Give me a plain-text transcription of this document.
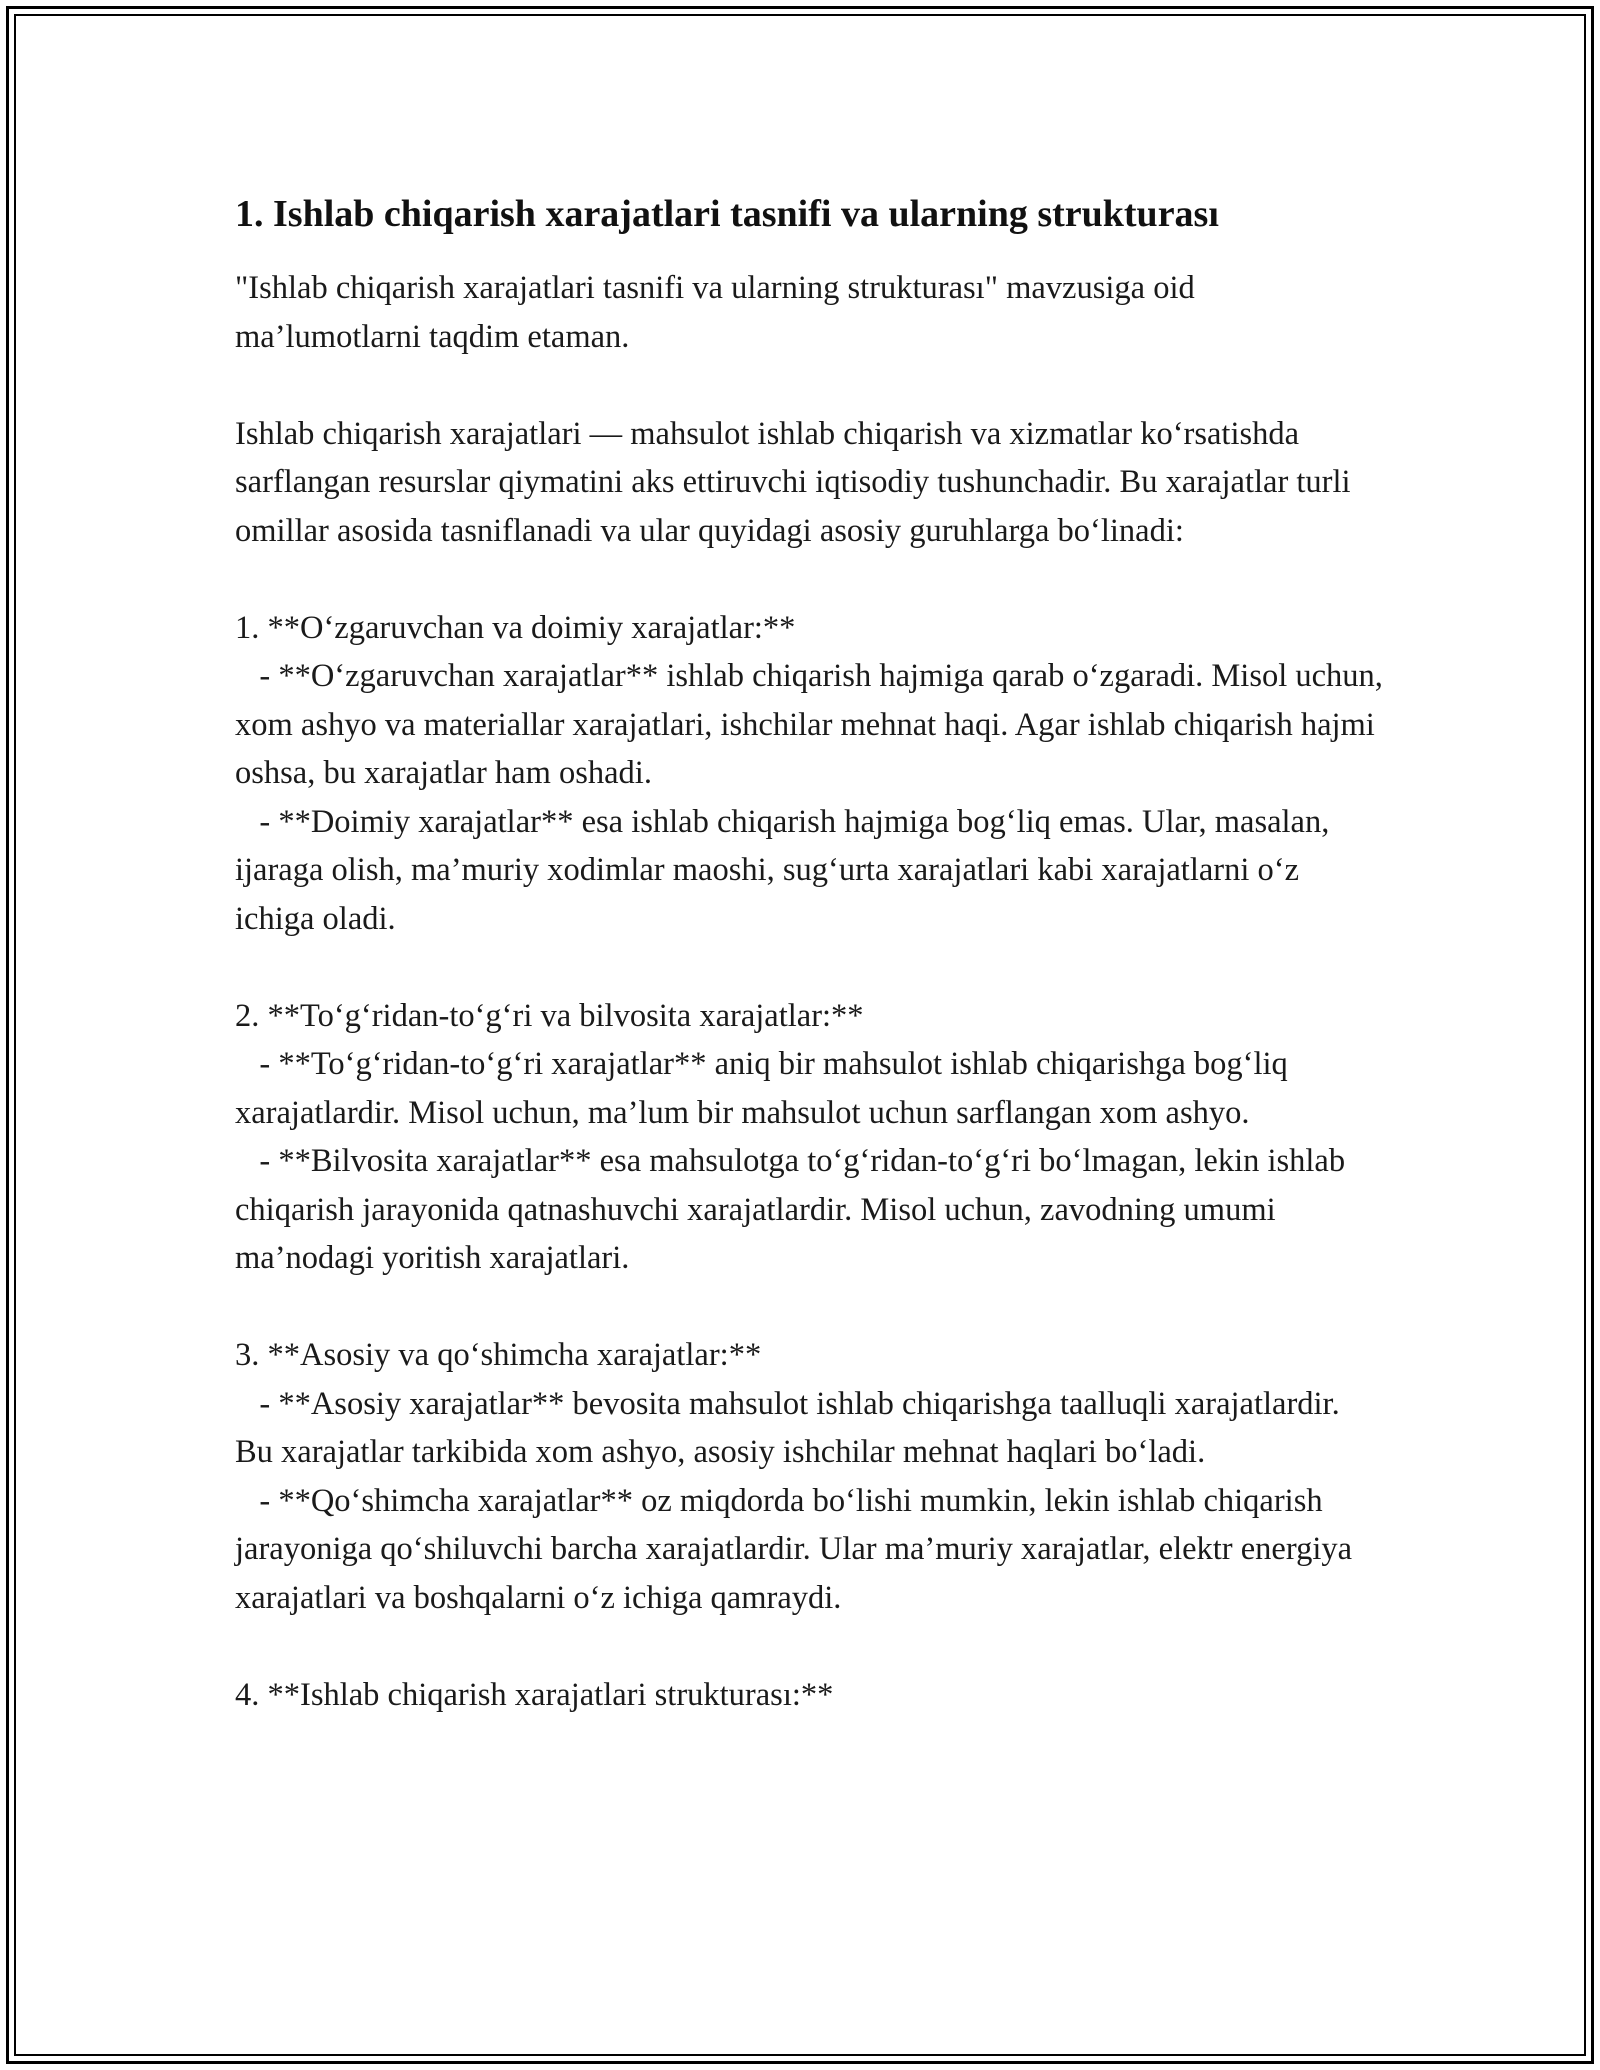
1. Ishlab chiqarish xarajatlari tasnifi va ularning strukturası

"Ishlab chiqarish xarajatlari tasnifi va ularning strukturası" mavzusiga oid ma’lumotlarni taqdim etaman.

Ishlab chiqarish xarajatlari — mahsulot ishlab chiqarish va xizmatlar ko‘rsatishda sarflangan resurslar qiymatini aks ettiruvchi iqtisodiy tushunchadir. Bu xarajatlar turli omillar asosida tasniflanadi va ular quyidagi asosiy guruhlarga bo‘linadi:

1. **O‘zgaruvchan va doimiy xarajatlar:**

- **O‘zgaruvchan xarajatlar** ishlab chiqarish hajmiga qarab o‘zgaradi. Misol uchun, xom ashyo va materiallar xarajatlari, ishchilar mehnat haqi. Agar ishlab chiqarish hajmi oshsa, bu xarajatlar ham oshadi.

- **Doimiy xarajatlar** esa ishlab chiqarish hajmiga bog‘liq emas. Ular, masalan, ijaraga olish, ma’muriy xodimlar maoshi, sug‘urta xarajatlari kabi xarajatlarni o‘z ichiga oladi.

2. **To‘g‘ridan-to‘g‘ri va bilvosita xarajatlar:**

- **To‘g‘ridan-to‘g‘ri xarajatlar** aniq bir mahsulot ishlab chiqarishga bog‘liq xarajatlardir. Misol uchun, ma’lum bir mahsulot uchun sarflangan xom ashyo.

- **Bilvosita xarajatlar** esa mahsulotga to‘g‘ridan-to‘g‘ri bo‘lmagan, lekin ishlab chiqarish jarayonida qatnashuvchi xarajatlardir. Misol uchun, zavodning umumi ma’nodagi yoritish xarajatlari.

3. **Asosiy va qo‘shimcha xarajatlar:**

- **Asosiy xarajatlar** bevosita mahsulot ishlab chiqarishga taalluqli xarajatlardir. Bu xarajatlar tarkibida xom ashyo, asosiy ishchilar mehnat haqlari bo‘ladi.

- **Qo‘shimcha xarajatlar** oz miqdorda bo‘lishi mumkin, lekin ishlab chiqarish jarayoniga qo‘shiluvchi barcha xarajatlardir. Ular ma’muriy xarajatlar, elektr energiya xarajatlari va boshqalarni o‘z ichiga qamraydi.

4. **Ishlab chiqarish xarajatlari strukturası:**
